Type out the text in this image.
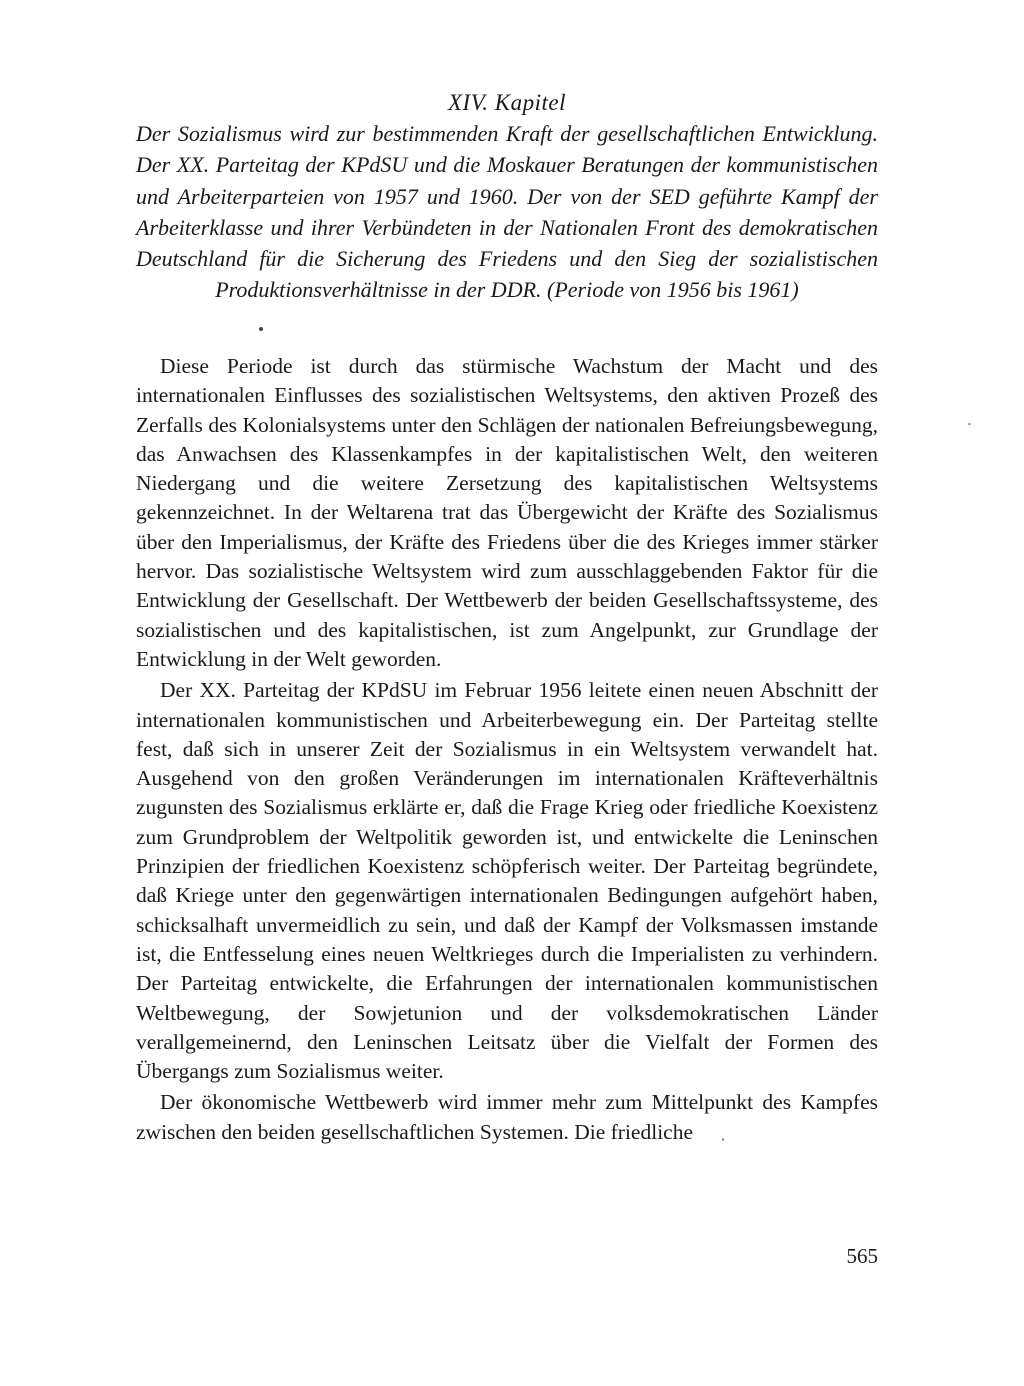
XIV. Kapitel

Der Sozialismus wird zur bestimmenden Kraft der gesellschaftlichen Entwicklung. Der XX. Parteitag der KPdSU und die Moskauer Beratungen der kommunistischen und Arbeiterparteien von 1957 und 1960. Der von der SED geführte Kampf der Arbeiterklasse und ihrer Verbündeten in der Nationalen Front des demokratischen Deutschland für die Sicherung des Friedens und den Sieg der sozialistischen Produktionsverhältnisse in der DDR. (Periode von 1956 bis 1961)

Diese Periode ist durch das stürmische Wachstum der Macht und des internationalen Einflusses des sozialistischen Weltsystems, den aktiven Prozeß des Zerfalls des Kolonialsystems unter den Schlägen der nationalen Befreiungsbewegung, das Anwachsen des Klassenkampfes in der kapitalistischen Welt, den weiteren Niedergang und die weitere Zersetzung des kapitalistischen Weltsystems gekennzeichnet. In der Weltarena trat das Übergewicht der Kräfte des Sozialismus über den Imperialismus, der Kräfte des Friedens über die des Krieges immer stärker hervor. Das sozialistische Weltsystem wird zum ausschlaggebenden Faktor für die Entwicklung der Gesellschaft. Der Wettbewerb der beiden Gesellschaftssysteme, des sozialistischen und des kapitalistischen, ist zum Angelpunkt, zur Grundlage der Entwicklung in der Welt geworden.

Der XX. Parteitag der KPdSU im Februar 1956 leitete einen neuen Abschnitt der internationalen kommunistischen und Arbeiterbewegung ein. Der Parteitag stellte fest, daß sich in unserer Zeit der Sozialismus in ein Weltsystem verwandelt hat. Ausgehend von den großen Veränderungen im internationalen Kräfteverhältnis zugunsten des Sozialismus erklärte er, daß die Frage Krieg oder friedliche Koexistenz zum Grundproblem der Weltpolitik geworden ist, und entwickelte die Leninschen Prinzipien der friedlichen Koexistenz schöpferisch weiter. Der Parteitag begründete, daß Kriege unter den gegenwärtigen internationalen Bedingungen aufgehört haben, schicksalhaft unvermeidlich zu sein, und daß der Kampf der Volksmassen imstande ist, die Entfesselung eines neuen Weltkrieges durch die Imperialisten zu verhindern. Der Parteitag entwickelte, die Erfahrungen der internationalen kommunistischen Weltbewegung, der Sowjetunion und der volksdemokratischen Länder verallgemeinernd, den Leninschen Leitsatz über die Vielfalt der Formen des Übergangs zum Sozialismus weiter.

Der ökonomische Wettbewerb wird immer mehr zum Mittelpunkt des Kampfes zwischen den beiden gesellschaftlichen Systemen. Die friedliche

565
